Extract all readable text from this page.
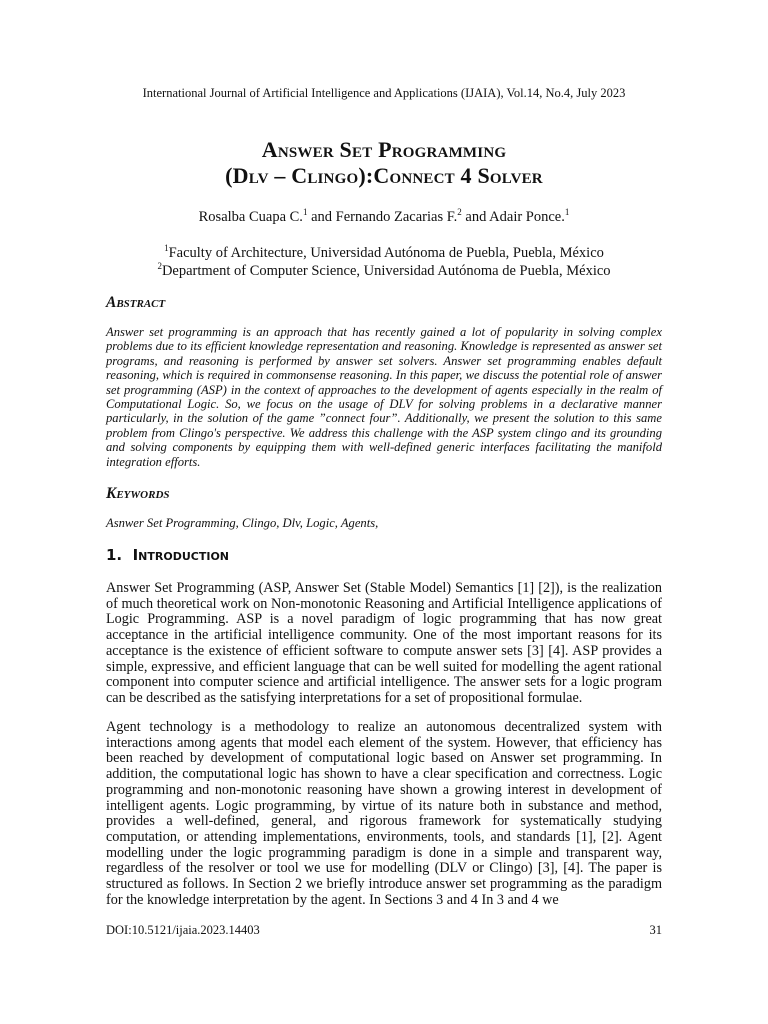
International Journal of Artificial Intelligence and Applications (IJAIA), Vol.14, No.4, July 2023
Answer Set Programming
(Dlv – Clingo):Connect 4 Solver
Rosalba Cuapa C.$^1$ and Fernando Zacarias F.$^2$ and Adair Ponce.$^1$
$^1$Faculty of Architecture, Universidad Autónoma de Puebla, Puebla, México
$^2$Department of Computer Science, Universidad Autónoma de Puebla, México
Abstract

Answer set programming is an approach that has recently gained a lot of popularity in solving complex problems due to its efficient knowledge representation and reasoning. Knowledge is represented as answer set programs, and reasoning is performed by answer set solvers. Answer set programming enables default reasoning, which is required in commonsense reasoning. In this paper, we discuss the potential role of answer set programming (ASP) in the context of approaches to the development of agents especially in the realm of Computational Logic. So, we focus on the usage of DLV for solving problems in a declarative manner particularly, in the solution of the game ”connect four”. Additionally, we present the solution to this same problem from Clingo's perspective. We address this challenge with the ASP system clingo and its grounding and solving components by equipping them with well-defined generic interfaces facilitating the manifold integration efforts.

Keywords

Asnwer Set Programming, Clingo, Dlv, Logic, Agents,

1. Introduction

Answer Set Programming (ASP, Answer Set (Stable Model) Semantics [1] [2]), is the realization of much theoretical work on Non-monotonic Reasoning and Artificial Intelligence applications of Logic Programming. ASP is a novel paradigm of logic programming that has now great acceptance in the artificial intelligence community. One of the most important reasons for its acceptance is the existence of efficient software to compute answer sets [3] [4]. ASP provides a simple, expressive, and efficient language that can be well suited for modelling the agent rational component into computer science and artificial intelligence. The answer sets for a logic program can be described as the satisfying interpretations for a set of propositional formulae.

Agent technology is a methodology to realize an autonomous decentralized system with interactions among agents that model each element of the system. However, that efficiency has been reached by development of computational logic based on Answer set programming. In addition, the computational logic has shown to have a clear specification and correctness. Logic programming and non-monotonic reasoning have shown a growing interest in development of intelligent agents. Logic programming, by virtue of its nature both in substance and method, provides a well-defined, general, and rigorous framework for systematically studying computation, or attending implementations, environments, tools, and standards [1], [2]. Agent modelling under the logic programming paradigm is done in a simple and transparent way, regardless of the resolver or tool we use for modelling (DLV or Clingo) [3], [4]. The paper is structured as follows. In Section 2 we briefly introduce answer set programming as the paradigm for the knowledge interpretation by the agent. In Sections 3 and 4 In 3 and 4 we

DOI:10.5121/ijaia.2023.14403	31
